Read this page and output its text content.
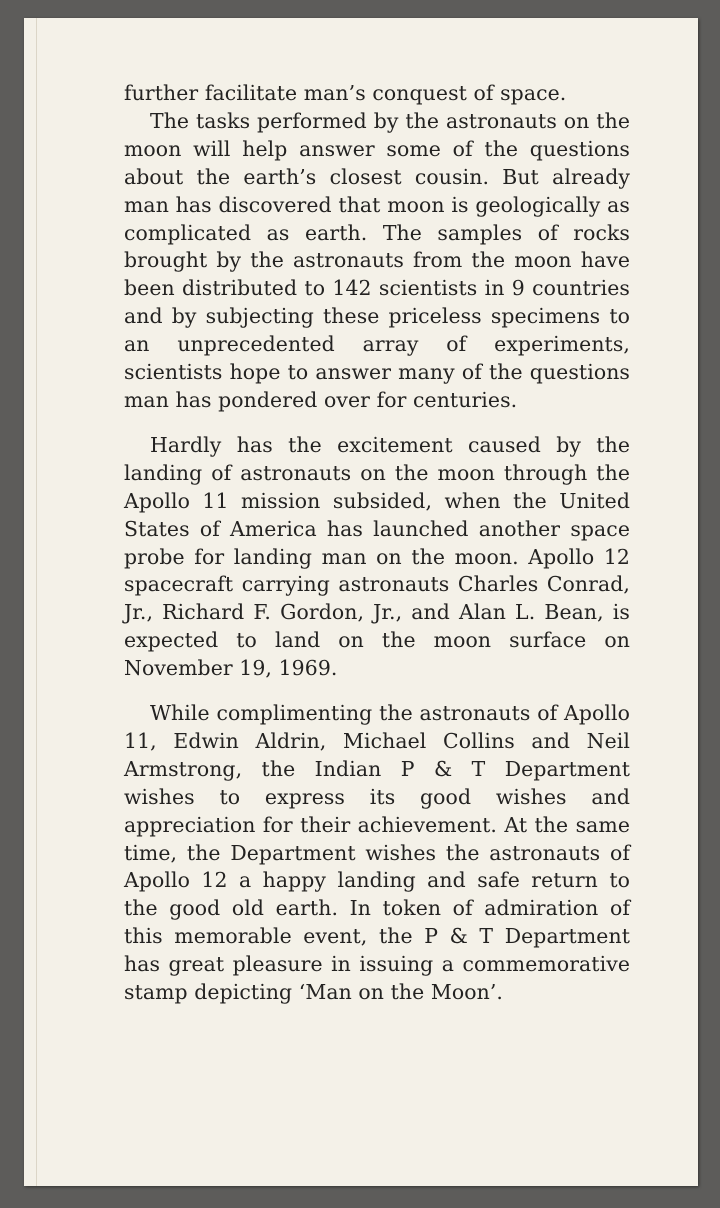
further facilitate man’s conquest of space.

The tasks performed by the astronauts on the moon will help answer some of the questions about the earth’s closest cousin. But already man has discovered that moon is geologically as complicated as earth. The samples of rocks brought by the astronauts from the moon have been distributed to 142 scientists in 9 countries and by subjecting these priceless specimens to an unprecedented array of experiments, scientists hope to answer many of the questions man has pondered over for centuries.

Hardly has the excitement caused by the landing of astronauts on the moon through the Apollo 11 mission subsided, when the United States of America has launched another space probe for landing man on the moon. Apollo 12 spacecraft carrying astronauts Charles Conrad, Jr., Richard F. Gordon, Jr., and Alan L. Bean, is expected to land on the moon surface on November 19, 1969.

While complimenting the astronauts of Apollo 11, Edwin Aldrin, Michael Collins and Neil Armstrong, the Indian P & T Department wishes to express its good wishes and appreciation for their achievement. At the same time, the Department wishes the astronauts of Apollo 12 a happy landing and safe return to the good old earth. In token of admiration of this memorable event, the P & T Department has great pleasure in issuing a commemorative stamp depicting ‘Man on the Moon’.
